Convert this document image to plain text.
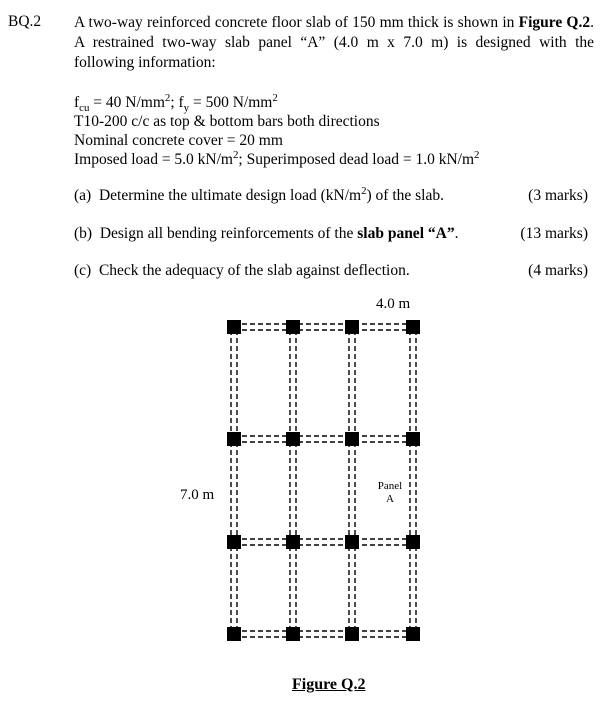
BQ.2 A two-way reinforced concrete floor slab of 150 mm thick is shown in Figure Q.2. A restrained two-way slab panel “A” (4.0 m x 7.0 m) is designed with the following information:
$f_{cu} = 40$ $N/mm^2$; $f_y = 500$ $N/mm^2$
T10-200 c/c as top & bottom bars both directions
Nominal concrete cover = 20 mm
Imposed load = 5.0 $kN/m^2$; Superimposed dead load = 1.0 $kN/m^2$
(a) Determine the ultimate design load $(kN/m^2)$ of the slab.	(3 marks)
(b) Design all bending reinforcements of the slab panel “A”.	(13 marks)
(c) Check the adequacy of the slab against deflection.	(4 marks)
4.0 m
7.0 m
Panel
A
Figure Q.2
